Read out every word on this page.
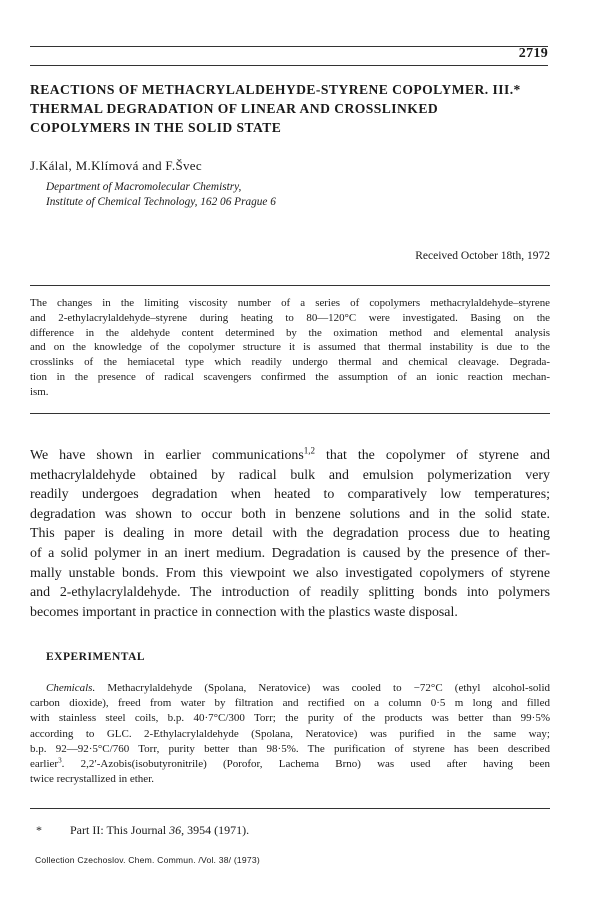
2719
REACTIONS OF METHACRYLALDEHYDE-STYRENE COPOLYMER. III.*
THERMAL DEGRADATION OF LINEAR AND CROSSLINKED
COPOLYMERS IN THE SOLID STATE
J.Kálal, M.Klímová and F.Švec
Department of Macromolecular Chemistry,
Institute of Chemical Technology, 162 06 Prague 6
Received October 18th, 1972
The changes in the limiting viscosity number of a series of copolymers methacrylaldehyde–styrene
and 2-ethylacrylaldehyde–styrene during heating to 80—120°C were investigated. Basing on the
difference in the aldehyde content determined by the oximation method and elemental analysis
and on the knowledge of the copolymer structure it is assumed that thermal instability is due to the
crosslinks of the hemiacetal type which readily undergo thermal and chemical cleavage. Degrada-
tion in the presence of radical scavengers confirmed the assumption of an ionic reaction mechan-
ism.
We have shown in earlier communications$^{1,2}$ that the copolymer of styrene and
methacrylaldehyde obtained by radical bulk and emulsion polymerization very
readily undergoes degradation when heated to comparatively low temperatures;
degradation was shown to occur both in benzene solutions and in the solid state.
This paper is dealing in more detail with the degradation process due to heating
of a solid polymer in an inert medium. Degradation is caused by the presence of ther-
mally unstable bonds. From this viewpoint we also investigated copolymers of styrene
and 2-ethylacrylaldehyde. The introduction of readily splitting bonds into polymers
becomes important in practice in connection with the plastics waste disposal.
EXPERIMENTAL
Chemicals. Methacrylaldehyde (Spolana, Neratovice) was cooled to −72°C (ethyl alcohol-solid
carbon dioxide), freed from water by filtration and rectified on a column 0·5 m long and filled
with stainless steel coils, b.p. 40·7°C/300 Torr; the purity of the products was better than 99·5%
according to GLC. 2-Ethylacrylaldehyde (Spolana, Neratovice) was purified in the same way;
b.p. 92—92·5°C/760 Torr, purity better than 98·5%. The purification of styrene has been described
earlier$^3$. 2,2′-Azobis(isobutyronitrile) (Porofor, Lachema Brno) was used after having been
twice recrystallized in ether.
* Part II: This Journal 36, 3954 (1971).
Collection Czechoslov. Chem. Commun. /Vol. 38/ (1973)
